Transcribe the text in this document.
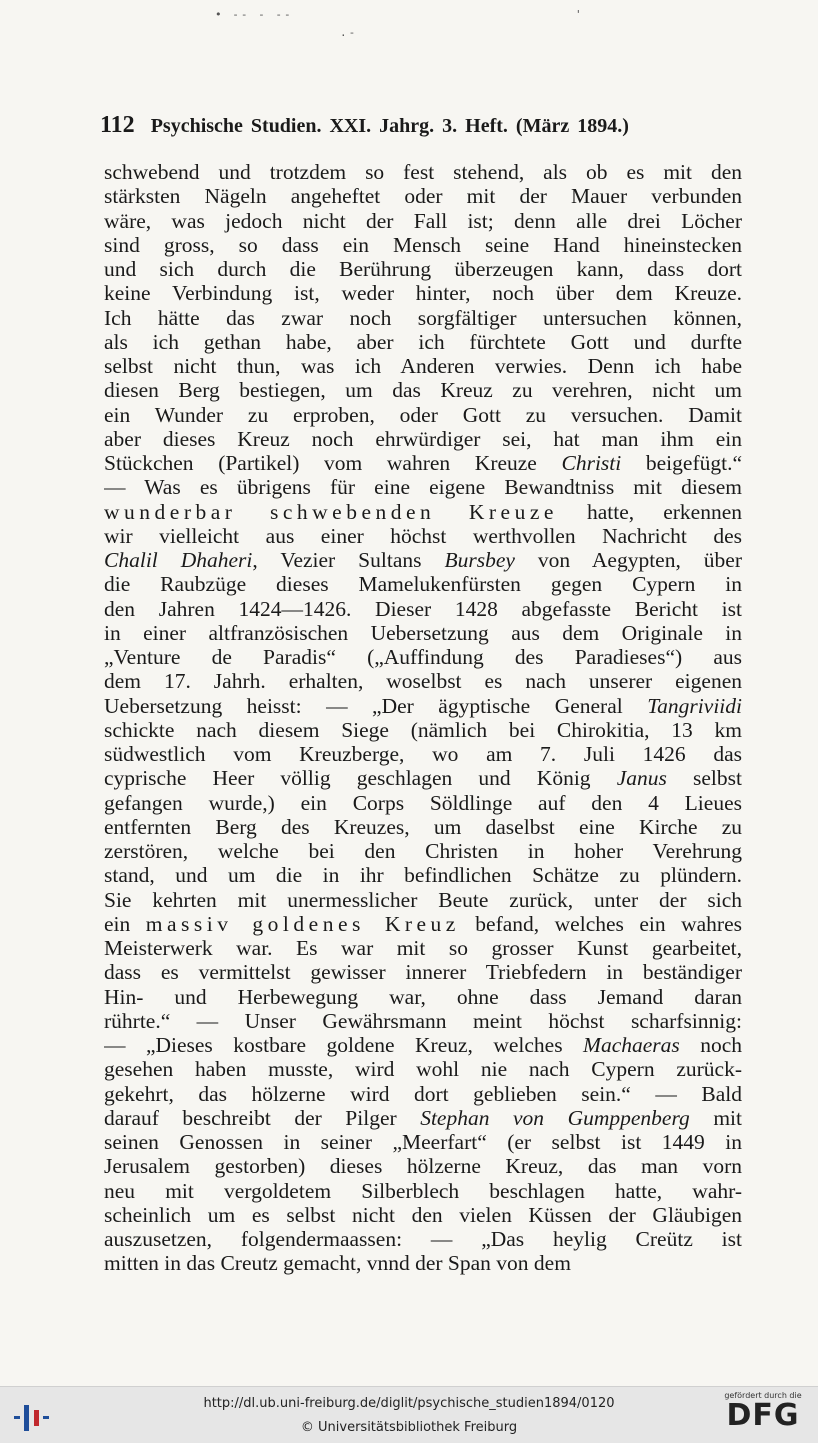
• -- - --	'
.-
112 Psychische Studien. XXI. Jahrg. 3. Heft. (März 1894.)
schwebend und trotzdem so fest stehend, als ob es mit den
stärksten Nägeln angeheftet oder mit der Mauer verbunden
wäre, was jedoch nicht der Fall ist; denn alle drei Löcher
sind gross, so dass ein Mensch seine Hand hineinstecken
und sich durch die Berührung überzeugen kann, dass dort
keine Verbindung ist, weder hinter, noch über dem Kreuze.
Ich hätte das zwar noch sorgfältiger untersuchen können,
als ich gethan habe, aber ich fürchtete Gott und durfte
selbst nicht thun, was ich Anderen verwies. Denn ich habe
diesen Berg bestiegen, um das Kreuz zu verehren, nicht um
ein Wunder zu erproben, oder Gott zu versuchen. Damit
aber dieses Kreuz noch ehrwürdiger sei, hat man ihm ein
Stückchen (Partikel) vom wahren Kreuze Christi beigefügt.“
— Was es übrigens für eine eigene Bewandtniss mit diesem
wunderbar schwebenden Kreuze hatte, erkennen
wir vielleicht aus einer höchst werthvollen Nachricht des
Chalil Dhaheri, Vezier Sultans Bursbey von Aegypten, über
die Raubzüge dieses Mamelukenfürsten gegen Cypern in
den Jahren 1424—1426. Dieser 1428 abgefasste Bericht ist
in einer altfranzösischen Uebersetzung aus dem Originale in
„Venture de Paradis“ („Auffindung des Paradieses“) aus
dem 17. Jahrh. erhalten, woselbst es nach unserer eigenen
Uebersetzung heisst: — „Der ägyptische General Tangriviidi
schickte nach diesem Siege (nämlich bei Chirokitia, 13 km
südwestlich vom Kreuzberge, wo am 7. Juli 1426 das
cyprische Heer völlig geschlagen und König Janus selbst
gefangen wurde,) ein Corps Söldlinge auf den 4 Lieues
entfernten Berg des Kreuzes, um daselbst eine Kirche zu
zerstören, welche bei den Christen in hoher Verehrung
stand, und um die in ihr befindlichen Schätze zu plündern.
Sie kehrten mit unermesslicher Beute zurück, unter der sich
ein massiv goldenes Kreuz befand, welches ein wahres
Meisterwerk war. Es war mit so grosser Kunst gearbeitet,
dass es vermittelst gewisser innerer Triebfedern in beständiger
Hin- und Herbewegung war, ohne dass Jemand daran
rührte.“ — Unser Gewährsmann meint höchst scharfsinnig:
— „Dieses kostbare goldene Kreuz, welches Machaeras noch
gesehen haben musste, wird wohl nie nach Cypern zurück-
gekehrt, das hölzerne wird dort geblieben sein.“ — Bald
darauf beschreibt der Pilger Stephan von Gumppenberg mit
seinen Genossen in seiner „Meerfart“ (er selbst ist 1449 in
Jerusalem gestorben) dieses hölzerne Kreuz, das man vorn
neu mit vergoldetem Silberblech beschlagen hatte, wahr-
scheinlich um es selbst nicht den vielen Küssen der Gläubigen
auszusetzen, folgendermaassen: — „Das heylig Creütz ist
mitten in das Creutz gemacht, vnnd der Span von dem
http://dl.ub.uni-freiburg.de/diglit/psychische_studien1894/0120
© Universitätsbibliothek Freiburg
gefördert durch die
DFG
